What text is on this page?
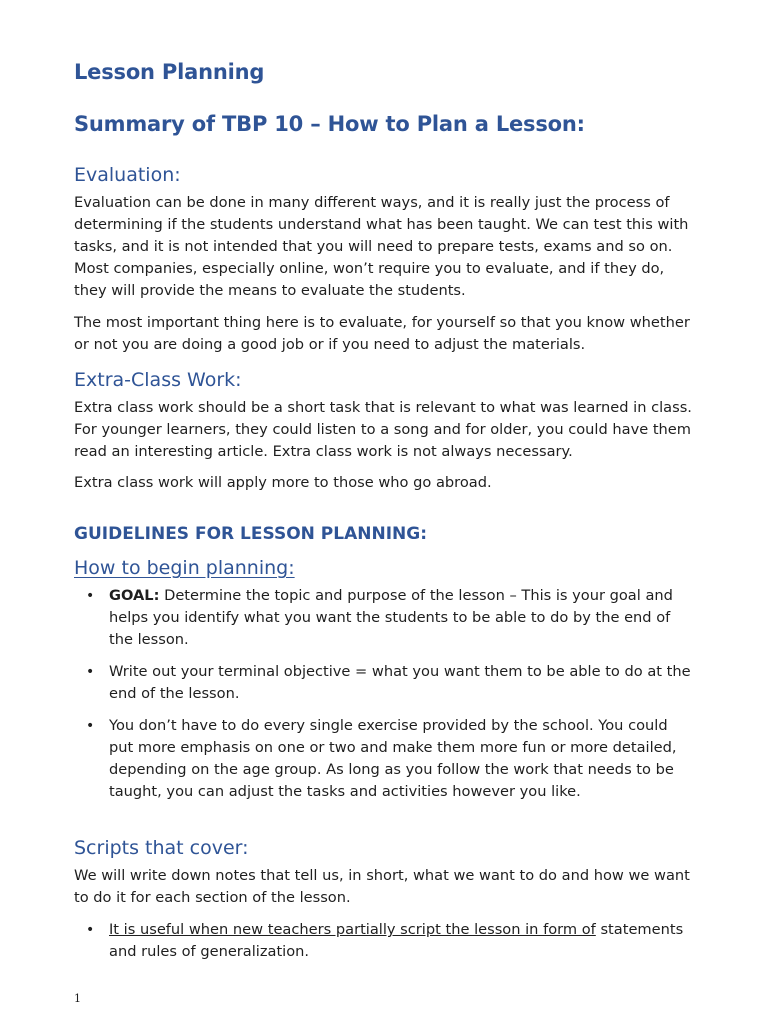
Lesson Planning
Summary of TBP 10 – How to Plan a Lesson:
Evaluation:

Evaluation can be done in many different ways, and it is really just the process of determining if the students understand what has been taught. We can test this with tasks, and it is not intended that you will need to prepare tests, exams and so on. Most companies, especially online, won’t require you to evaluate, and if they do, they will provide the means to evaluate the students.

The most important thing here is to evaluate, for yourself so that you know whether or not you are doing a good job or if you need to adjust the materials.

Extra-Class Work:

Extra class work should be a short task that is relevant to what was learned in class. For younger learners, they could listen to a song and for older, you could have them read an interesting article. Extra class work is not always necessary.

Extra class work will apply more to those who go abroad.

GUIDELINES FOR LESSON PLANNING:
How to begin planning:
• GOAL: Determine the topic and purpose of the lesson – This is your goal and helps you identify what you want the students to be able to do by the end of the lesson.
• Write out your terminal objective = what you want them to be able to do at the end of the lesson.
• You don’t have to do every single exercise provided by the school. You could put more emphasis on one or two and make them more fun or more detailed, depending on the age group. As long as you follow the work that needs to be taught, you can adjust the tasks and activities however you like.
Scripts that cover:

We will write down notes that tell us, in short, what we want to do and how we want to do it for each section of the lesson.

• It is useful when new teachers partially script the lesson in form of statements and rules of generalization.
1
